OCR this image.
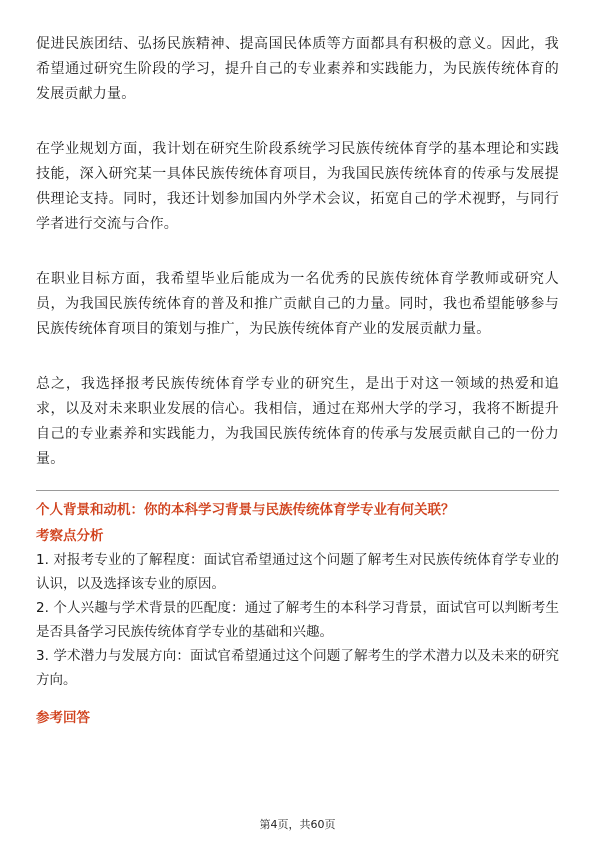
促进民族团结、弘扬民族精神、提高国民体质等方面都具有积极的意义。因此，我希望通过研究生阶段的学习，提升自己的专业素养和实践能力，为民族传统体育的发展贡献力量。

在学业规划方面，我计划在研究生阶段系统学习民族传统体育学的基本理论和实践技能，深入研究某一具体民族传统体育项目，为我国民族传统体育的传承与发展提供理论支持。同时，我还计划参加国内外学术会议，拓宽自己的学术视野，与同行学者进行交流与合作。

在职业目标方面，我希望毕业后能成为一名优秀的民族传统体育学教师或研究人员，为我国民族传统体育的普及和推广贡献自己的力量。同时，我也希望能够参与民族传统体育项目的策划与推广，为民族传统体育产业的发展贡献力量。

总之，我选择报考民族传统体育学专业的研究生，是出于对这一领域的热爱和追求，以及对未来职业发展的信心。我相信，通过在郑州大学的学习，我将不断提升自己的专业素养和实践能力，为我国民族传统体育的传承与发展贡献自己的一份力量。

个人背景和动机：你的本科学习背景与民族传统体育学专业有何关联？

考察点分析

1. 对报考专业的了解程度：面试官希望通过这个问题了解考生对民族传统体育学专业的认识，以及选择该专业的原因。

2. 个人兴趣与学术背景的匹配度：通过了解考生的本科学习背景，面试官可以判断考生是否具备学习民族传统体育学专业的基础和兴趣。

3. 学术潜力与发展方向：面试官希望通过这个问题了解考生的学术潜力以及未来的研究方向。

参考回答

第4页，共60页
